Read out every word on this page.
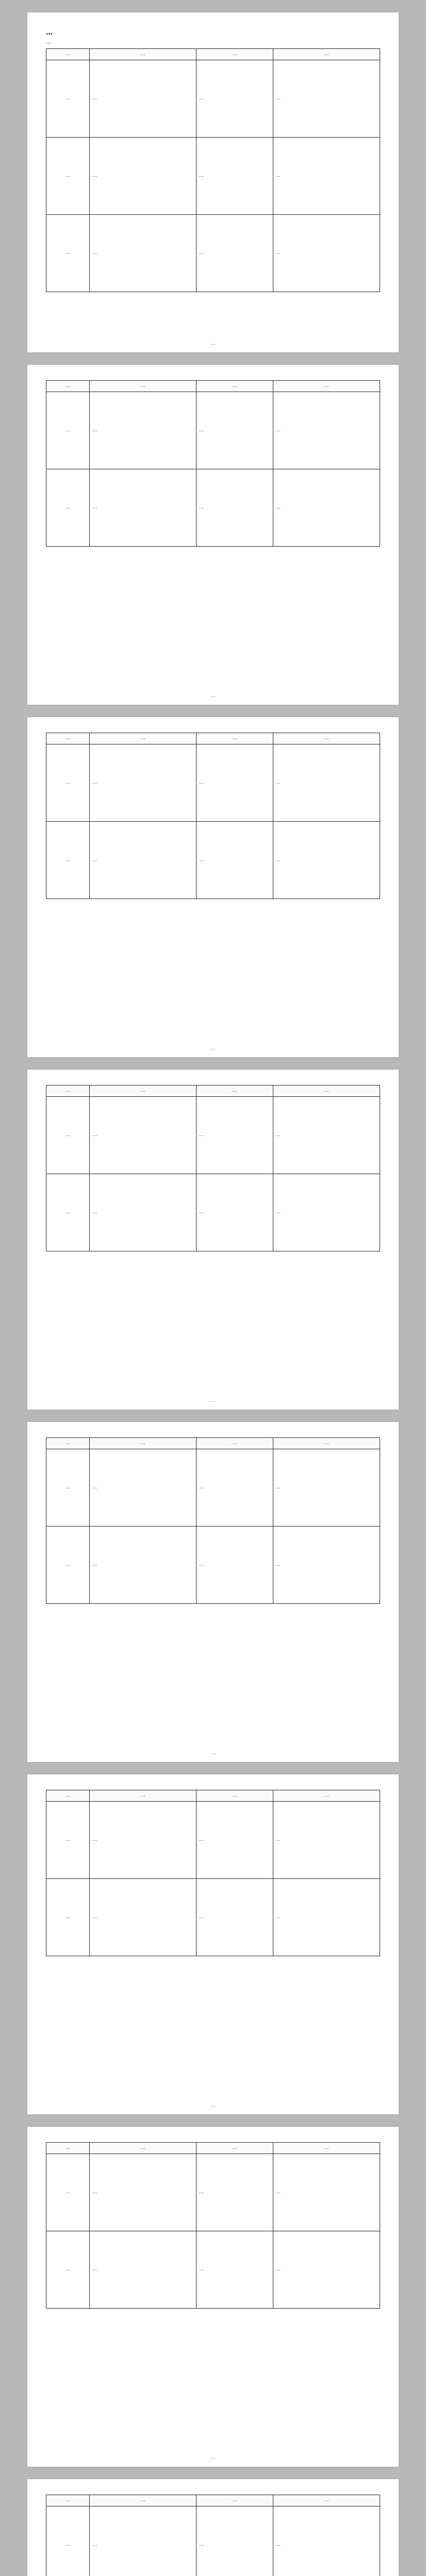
…
…
…	…	…	…
…	…	…	…
…	…	…	…
…	…	…	…
…
…	…	…	…
…	…	…	…
…	…	…	…
…
…	…	…	…
…	…	…	…
…	…	…	…
…
…	…	…	…
…	…	…	…
…	…	…	…
…
…	…	…	…
…	…	…	…
…	…	…	…
…
…	…	…	…
…	…	…	…
…	…	…	…
…
…	…	…	…
…	…	…	…
…	…	…	…
…
…	…	…	…
…	…	…	…
